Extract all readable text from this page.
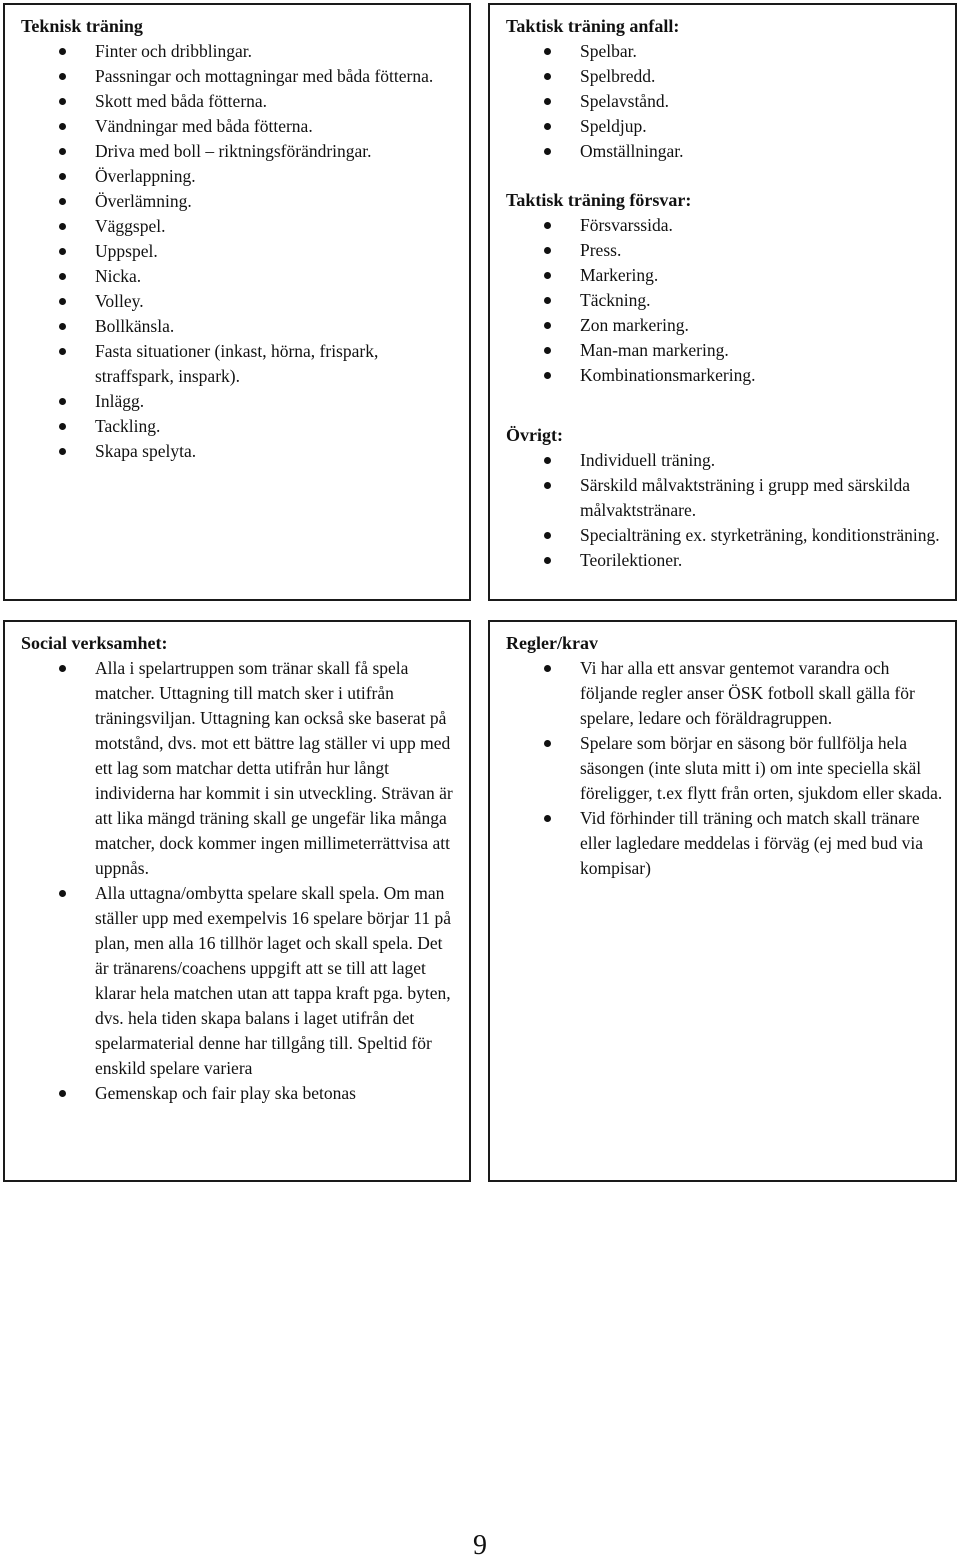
Teknisk träning
Finter och dribblingar.
Passningar och mottagningar med båda fötterna.
Skott med båda fötterna.
Vändningar med båda fötterna.
Driva med boll – riktningsförändringar.
Överlappning.
Överlämning.
Väggspel.
Uppspel.
Nicka.
Volley.
Bollkänsla.
Fasta situationer (inkast, hörna, frispark, straffspark, inspark).
Inlägg.
Tackling.
Skapa spelyta.
Taktisk träning anfall:
Spelbar.
Spelbredd.
Spelavstånd.
Speldjup.
Omställningar.
Taktisk träning försvar:
Försvarssida.
Press.
Markering.
Täckning.
Zon markering.
Man-man markering.
Kombinationsmarkering.
Övrigt:
Individuell träning.
Särskild målvaktsträning i grupp med särskilda målvaktstränare.
Specialträning ex. styrketräning, konditionsträning.
Teorilektioner.
Social verksamhet:
Alla i spelartruppen som tränar skall få spela matcher. Uttagning till match sker i utifrån träningsviljan. Uttagning kan också ske baserat på motstånd, dvs. mot ett bättre lag ställer vi upp med ett lag som matchar detta utifrån hur långt individerna har kommit i sin utveckling. Strävan är att lika mängd träning skall ge ungefär lika många matcher, dock kommer ingen millimeterrättvisa att uppnås.
Alla uttagna/ombytta spelare skall spela. Om man ställer upp med exempelvis 16 spelare börjar 11 på plan, men alla 16 tillhör laget och skall spela. Det är tränarens/coachens uppgift att se till att laget klarar hela matchen utan att tappa kraft pga. byten, dvs. hela tiden skapa balans i laget utifrån det spelarmaterial denne har tillgång till. Speltid för enskild spelare variera
Gemenskap och fair play ska betonas
Regler/krav
Vi har alla ett ansvar gentemot varandra och följande regler anser ÖSK fotboll skall gälla för spelare, ledare och föräldragruppen.
Spelare som börjar en säsong bör fullfölja hela säsongen (inte sluta mitt i) om inte speciella skäl föreligger, t.ex flytt från orten, sjukdom eller skada.
Vid förhinder till träning och match skall tränare eller lagledare meddelas i förväg (ej med bud via kompisar)
9
